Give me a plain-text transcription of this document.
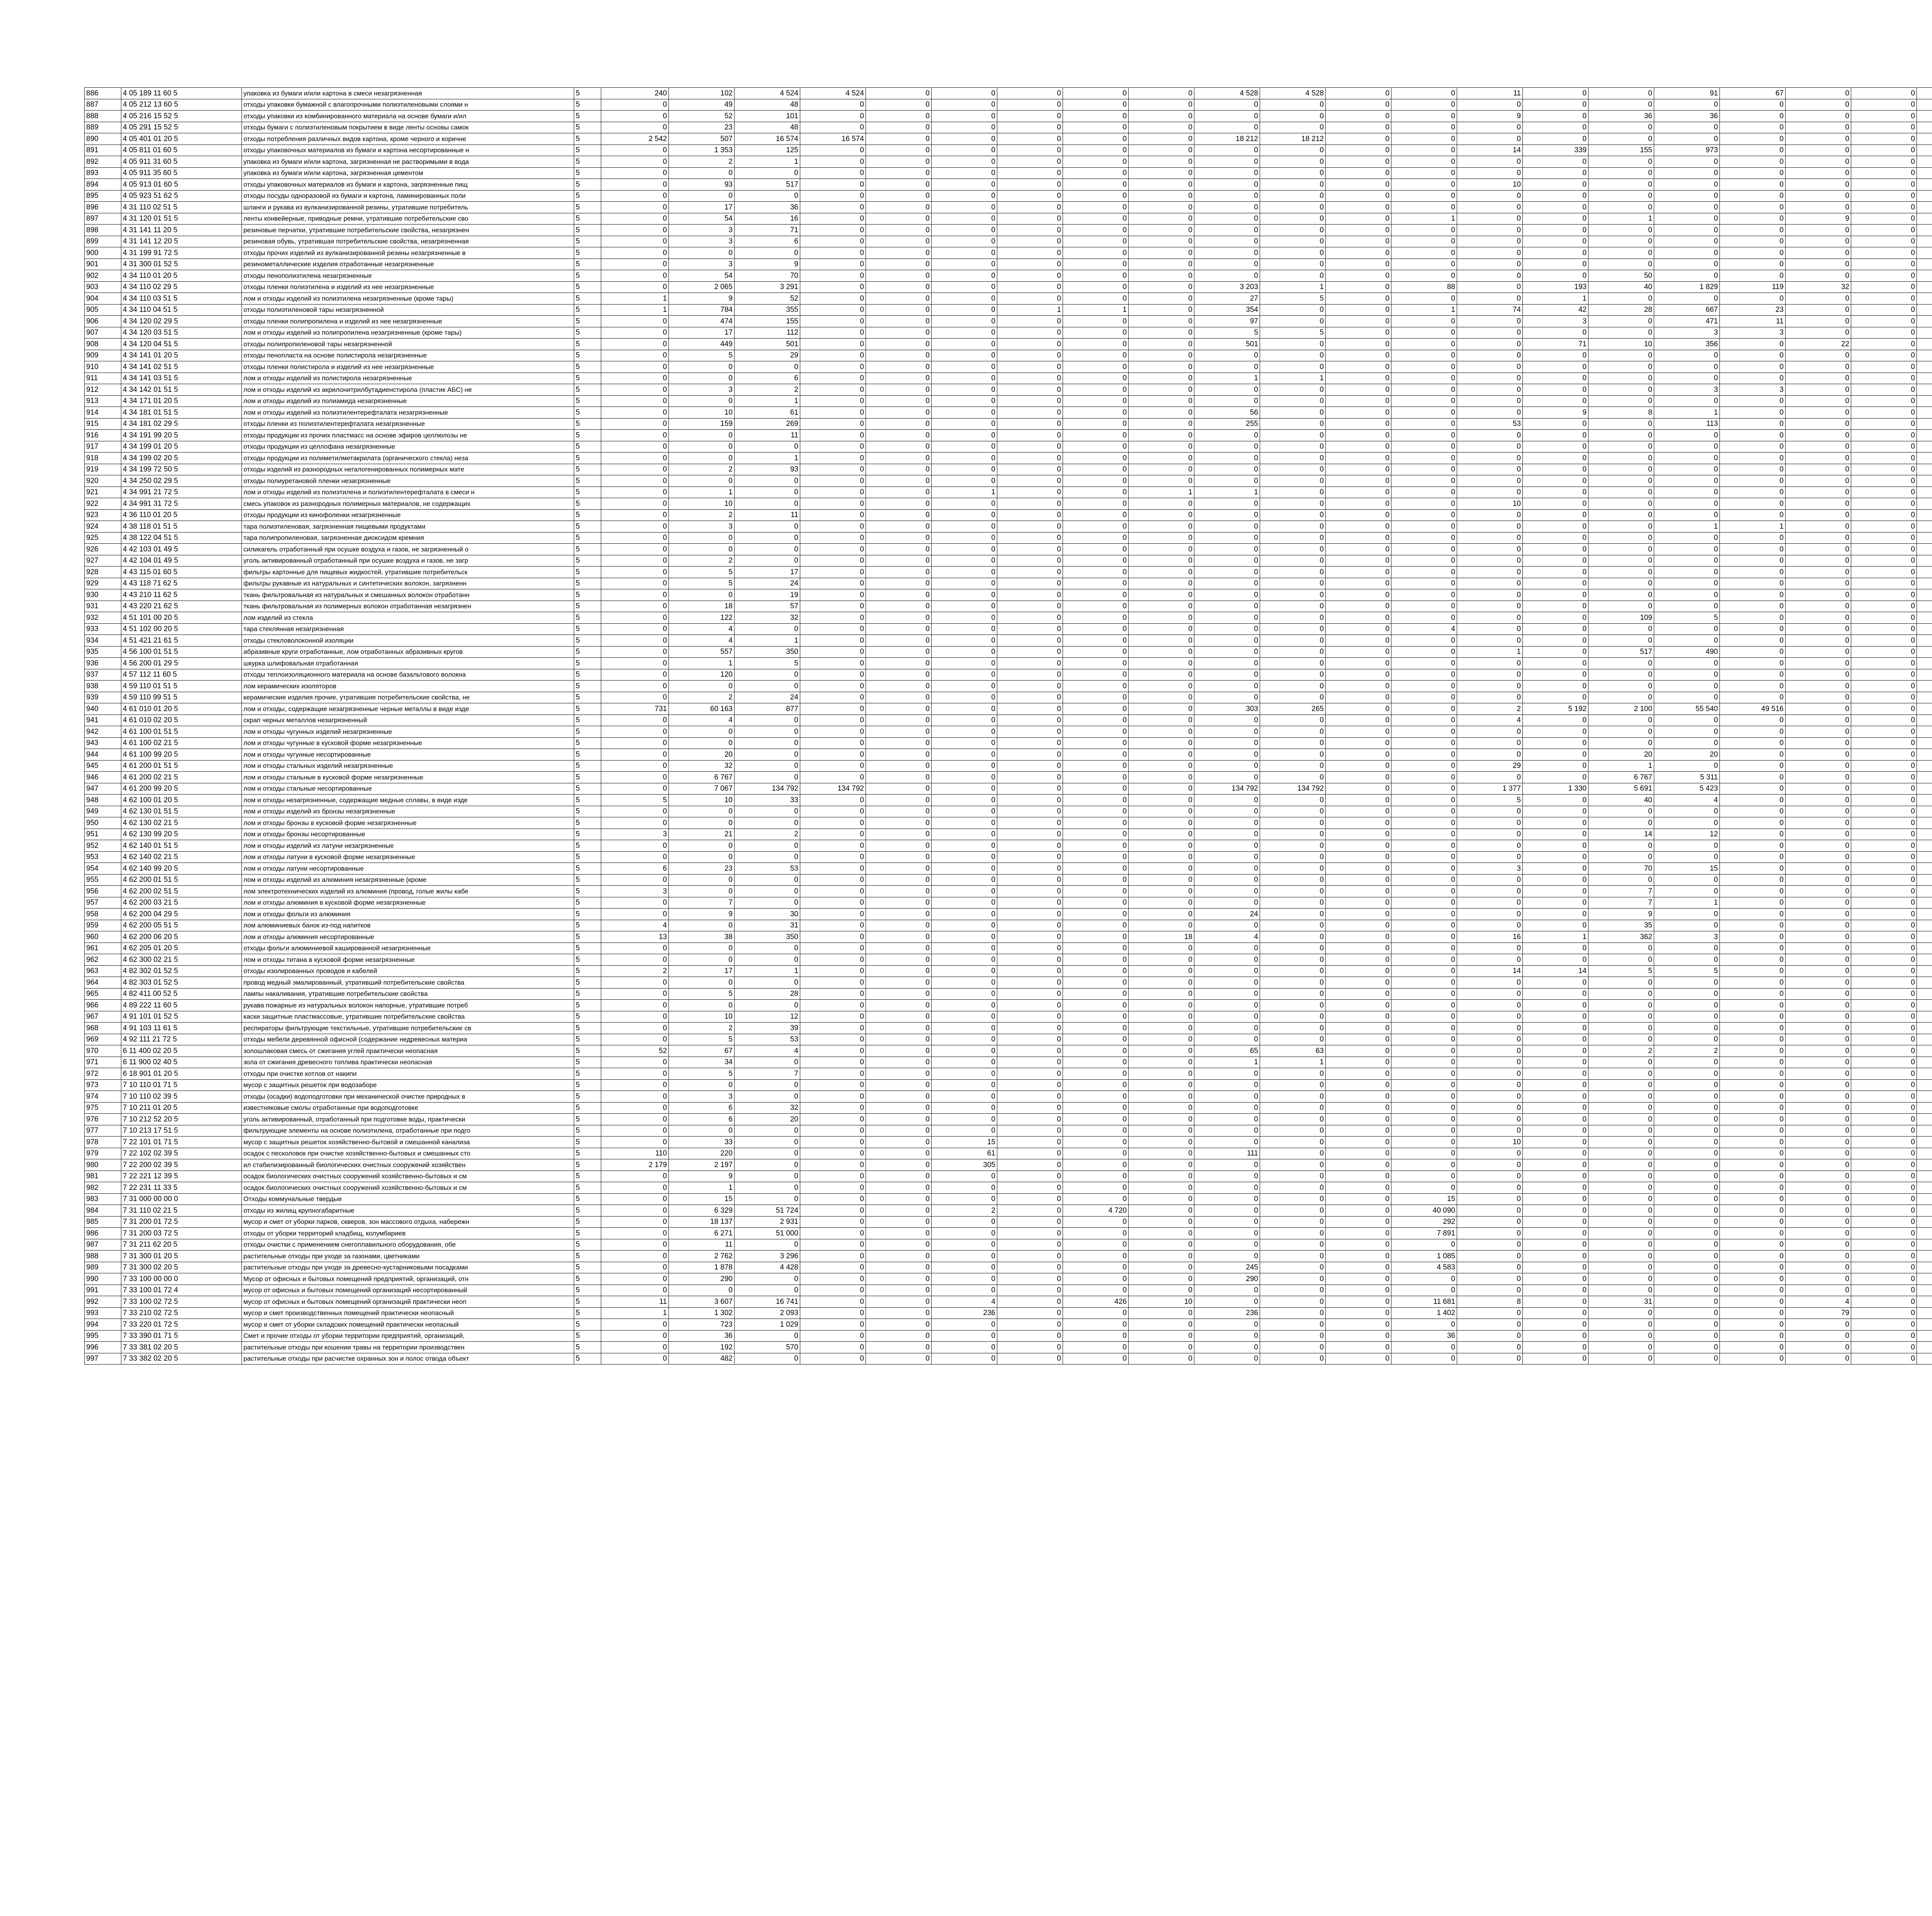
886	4 05 189 11 60 5	упаковка из бумаги и/или картона в смеси незагрязненная	5	240	102	4 524	4 524	0	0	0	0	0	4 528	4 528	0	0	11	0	0	91	67	0	0														
887	4 05 212 13 60 5	отходы упаковки бумажной с влагопрочными полиэтиленовыми слоями н	5	0	49	48	0	0	0	0	0	0	0	0	0	0	0	0	0	0	0	0	0														
888	4 05 216 15 52 5	отходы упаковки из комбинированного материала на основе бумаги и/ил	5	0	52	101	0	0	0	0	0	0	0	0	0	0	9	0	36	36	0	0	0														
889	4 05 291 15 52 5	отходы бумаги с полиэтиленовым покрытием в виде ленты основы самок	5	0	23	48	0	0	0	0	0	0	0	0	0	0	0	0	0	0	0	0	0														
890	4 05 401 01 20 5	отходы потребления различных видов картона, кроме черного и коричне	5	2 542	507	16 574	16 574	0	0	0	0	0	18 212	18 212	0	0	0	0	0	0	0	0	0														
891	4 05 811 01 60 5	отходы упаковочных материалов из бумаги и картона несортированные н	5	0	1 353	125	0	0	0	0	0	0	0	0	0	0	14	339	155	973	0	0	0														
892	4 05 911 31 60 5	упаковка из бумаги и/или картона, загрязненная не растворимыми в вода	5	0	2	1	0	0	0	0	0	0	0	0	0	0	0	0	0	0	0	0	0														
893	4 05 911 35 60 5	упаковка из бумаги и/или картона, загрязненная цементом	5	0	0	0	0	0	0	0	0	0	0	0	0	0	0	0	0	0	0	0	0														
894	4 05 913 01 60 5	отходы упаковочных материалов из бумаги и картона, загрязненные пищ	5	0	93	517	0	0	0	0	0	0	0	0	0	0	10	0	0	0	0	0	0														
895	4 05 923 51 62 5	отходы посуды одноразовой из бумаги и картона, ламинированных поли	5	0	0	0	0	0	0	0	0	0	0	0	0	0	0	0	0	0	0	0	0														
896	4 31 110 02 51 5	шланги и рукава из вулканизированной резины, утратившие потребитель	5	0	17	36	0	0	0	0	0	0	0	0	0	0	0	0	0	0	0	0	0														
897	4 31 120 01 51 5	ленты конвейерные, приводные ремни, утратившие потребительские сво	5	0	54	16	0	0	0	0	0	0	0	0	0	1	0	0	1	0	0	9	0														
898	4 31 141 11 20 5	резиновые перчатки, утратившие потребительские свойства, незагрязнен	5	0	3	71	0	0	0	0	0	0	0	0	0	0	0	0	0	0	0	0	0														
899	4 31 141 12 20 5	резиновая обувь, утратившая потребительские свойства, незагрязненная	5	0	3	6	0	0	0	0	0	0	0	0	0	0	0	0	0	0	0	0	0														
900	4 31 199 91 72 5	отходы прочих изделий из вулканизированной резины незагрязненные в	5	0	0	0	0	0	0	0	0	0	0	0	0	0	0	0	0	0	0	0	0														
901	4 31 300 01 52 5	резинометаллические изделия отработанные незагрязненные	5	0	3	9	0	0	0	0	0	0	0	0	0	0	0	0	0	0	0	0	0														
902	4 34 110 01 20 5	отходы пенополиэтилена незагрязненные	5	0	54	70	0	0	0	0	0	0	0	0	0	0	0	0	50	0	0	0	0														
903	4 34 110 02 29 5	отходы пленки полиэтилена и изделий из нее незагрязненные	5	0	2 065	3 291	0	0	0	0	0	0	3 203	1	0	88	0	193	40	1 829	119	32	0														
904	4 34 110 03 51 5	лом и отходы изделий из полиэтилена незагрязненные (кроме тары)	5	1	9	52	0	0	0	0	0	0	27	5	0	0	0	1	0	0	0	0	0														
905	4 34 110 04 51 5	отходы полиэтиленовой тары незагрязненной	5	1	784	355	0	0	0	1	1	0	354	0	0	1	74	42	28	667	23	0	0														
906	4 34 120 02 29 5	отходы пленки полипропилена и изделий из нее незагрязненные	5	0	474	155	0	0	0	0	0	0	97	0	0	0	0	3	0	471	11	0	0														
907	4 34 120 03 51 5	лом и отходы изделий из полипропилена незагрязненные (кроме тары)	5	0	17	112	0	0	0	0	0	0	5	5	0	0	0	0	0	3	3	0	0														
908	4 34 120 04 51 5	отходы полипропиленовой тары незагрязненной	5	0	449	501	0	0	0	0	0	0	501	0	0	0	0	71	10	356	0	22	0														
909	4 34 141 01 20 5	отходы пенопласта на основе полистирола незагрязненные	5	0	5	29	0	0	0	0	0	0	0	0	0	0	0	0	0	0	0	0	0														
910	4 34 141 02 51 5	отходы пленки полистирола и изделий из нее незагрязненные	5	0	0	0	0	0	0	0	0	0	0	0	0	0	0	0	0	0	0	0	0														
911	4 34 141 03 51 5	лом и отходы изделий из полистирола незагрязненные	5	0	0	6	0	0	0	0	0	0	1	1	0	0	0	0	0	0	0	0	0														
912	4 34 142 01 51 5	лом и отходы изделий из акрилонитрилбутадиенстирола (пластик АБС) не	5	0	3	2	0	0	0	0	0	0	0	0	0	0	0	0	0	3	3	0	0														
913	4 34 171 01 20 5	лом и отходы изделий из полиамида незагрязненные	5	0	0	1	0	0	0	0	0	0	0	0	0	0	0	0	0	0	0	0	0														
914	4 34 181 01 51 5	лом и отходы изделий из полиэтилентерефталата незагрязненные	5	0	10	61	0	0	0	0	0	0	56	0	0	0	0	9	8	1	0	0	0														
915	4 34 181 02 29 5	отходы пленки из полиэтилентерефталата незагрязненные	5	0	159	269	0	0	0	0	0	0	255	0	0	0	53	0	0	113	0	0	0														
916	4 34 191 99 20 5	отходы продукции из прочих пластмасс на основе эфиров целлюлозы не	5	0	0	11	0	0	0	0	0	0	0	0	0	0	0	0	0	0	0	0	0														
917	4 34 199 01 20 5	отходы продукции из целлофана незагрязненные	5	0	0	0	0	0	0	0	0	0	0	0	0	0	0	0	0	0	0	0	0														
918	4 34 199 02 20 5	отходы продукции из полиметилметакрилата (органического стекла) неза	5	0	0	1	0	0	0	0	0	0	0	0	0	0	0	0	0	0	0	0	0														
919	4 34 199 72 50 5	отходы изделий из разнородных негалогенированных полимерных мате	5	0	2	93	0	0	0	0	0	0	0	0	0	0	0	0	0	0	0	0	0														
920	4 34 250 02 29 5	отходы полиуретановой пленки незагрязненные	5	0	0	0	0	0	0	0	0	0	0	0	0	0	0	0	0	0	0	0	0														
921	4 34 991 21 72 5	лом и отходы изделий из полиэтилена и полиэтилентерефталата в смеси н	5	0	1	0	0	0	1	0	0	1	1	0	0	0	0	0	0	0	0	0	0														
922	4 34 991 31 72 5	смесь упаковок из разнородных полимерных материалов, не содержащих	5	0	10	0	0	0	0	0	0	0	0	0	0	0	10	0	0	0	0	0	0														
923	4 36 110 01 20 5	отходы продукции из кинофоленки незагрязненные	5	0	2	11	0	0	0	0	0	0	0	0	0	0	0	0	0	0	0	0	0														
924	4 38 118 01 51 5	тара полиэтиленовая, загрязненная пищевыми продуктами	5	0	3	0	0	0	0	0	0	0	0	0	0	0	0	0	0	1	1	0	0														
925	4 38 122 04 51 5	тара полипропиленовая, загрязненная диоксидом кремния	5	0	0	0	0	0	0	0	0	0	0	0	0	0	0	0	0	0	0	0	0														
926	4 42 103 01 49 5	силикагель отработанный при осушке воздуха и газов, не загрязненный о	5	0	0	0	0	0	0	0	0	0	0	0	0	0	0	0	0	0	0	0	0														
927	4 42 104 01 49 5	уголь активированный отработанный при осушке воздуха и газов, не загр	5	0	2	0	0	0	0	0	0	0	0	0	0	0	0	0	0	0	0	0	0														
928	4 43 115 01 60 5	фильтры картонные для пищевых жидкостей, утратившие потребительск	5	0	5	17	0	0	0	0	0	0	0	0	0	0	0	0	0	0	0	0	0														
929	4 43 118 71 62 5	фильтры рукавные из натуральных и синтетических волокон, загрязненн	5	0	5	24	0	0	0	0	0	0	0	0	0	0	0	0	0	0	0	0	0														
930	4 43 210 11 62 5	ткань фильтровальная из натуральных и смешанных волокон отработанн	5	0	0	19	0	0	0	0	0	0	0	0	0	0	0	0	0	0	0	0	0														
931	4 43 220 21 62 5	ткань фильтровальная из полимерных волокон отработанная незагрязнен	5	0	18	57	0	0	0	0	0	0	0	0	0	0	0	0	0	0	0	0	0														
932	4 51 101 00 20 5	лом изделий из стекла	5	0	122	32	0	0	0	0	0	0	0	0	0	0	0	0	109	5	0	0	0														
933	4 51 102 00 20 5	тара стеклянная незагрязненная	5	0	4	0	0	0	0	0	0	0	0	0	0	4	0	0	0	0	0	0	0														
934	4 51 421 21 61 5	отходы стекловолоконной изоляции	5	0	4	1	0	0	0	0	0	0	0	0	0	0	0	0	0	0	0	0	0														
935	4 56 100 01 51 5	абразивные круги отработанные, лом отработанных абразивных кругов	5	0	557	350	0	0	0	0	0	0	0	0	0	0	1	0	517	490	0	0	0														
936	4 56 200 01 29 5	шкурка шлифовальная отработанная	5	0	1	5	0	0	0	0	0	0	0	0	0	0	0	0	0	0	0	0	0														
937	4 57 112 11 60 5	отходы теплоизоляционного материала на основе базальтового волокна	5	0	120	0	0	0	0	0	0	0	0	0	0	0	0	0	0	0	0	0	0														
938	4 59 110 01 51 5	лом керамических изоляторов	5	0	0	0	0	0	0	0	0	0	0	0	0	0	0	0	0	0	0	0	0														
939	4 59 110 99 51 5	керамические изделия прочие, утратившие потребительские свойства, не	5	0	2	24	0	0	0	0	0	0	0	0	0	0	0	0	0	0	0	0	0														
940	4 61 010 01 20 5	лом и отходы, содержащие незагрязненные черные металлы в виде изде	5	731	60 163	877	0	0	0	0	0	0	303	265	0	0	2	5 192	2 100	55 540	49 516	0	0														
941	4 61 010 02 20 5	скрап черных металлов незагрязненный	5	0	4	0	0	0	0	0	0	0	0	0	0	0	4	0	0	0	0	0	0														
942	4 61 100 01 51 5	лом и отходы чугунных изделий незагрязненные	5	0	0	0	0	0	0	0	0	0	0	0	0	0	0	0	0	0	0	0	0														
943	4 61 100 02 21 5	лом и отходы чугунные в кусковой форме незагрязненные	5	0	0	0	0	0	0	0	0	0	0	0	0	0	0	0	0	0	0	0	0														
944	4 61 100 99 20 5	лом и отходы чугунные несортированные	5	0	20	0	0	0	0	0	0	0	0	0	0	0	0	0	20	20	0	0	0														
945	4 61 200 01 51 5	лом и отходы стальных изделий незагрязненные	5	0	32	0	0	0	0	0	0	0	0	0	0	0	29	0	1	0	0	0	0														
946	4 61 200 02 21 5	лом и отходы стальные в кусковой форме незагрязненные	5	0	6 767	0	0	0	0	0	0	0	0	0	0	0	0	0	6 767	5 311	0	0	0														
947	4 61 200 99 20 5	лом и отходы стальные несортированные	5	0	7 067	134 792	134 792	0	0	0	0	0	134 792	134 792	0	0	1 377	1 330	5 691	5 423	0	0	0														
948	4 62 100 01 20 5	лом и отходы незагрязненные, содержащие медные сплавы, в виде изде	5	5	10	33	0	0	0	0	0	0	0	0	0	0	5	0	40	4	0	0	0														
949	4 62 130 01 51 5	лом и отходы изделий из бронзы незагрязненные	5	0	0	0	0	0	0	0	0	0	0	0	0	0	0	0	0	0	0	0	0														
950	4 62 130 02 21 5	лом и отходы бронзы в кусковой форме незагрязненные	5	0	0	0	0	0	0	0	0	0	0	0	0	0	0	0	0	0	0	0	0														
951	4 62 130 99 20 5	лом и отходы бронзы несортированные	5	3	21	2	0	0	0	0	0	0	0	0	0	0	0	0	14	12	0	0	0														
952	4 62 140 01 51 5	лом и отходы изделий из латуни незагрязненные	5	0	0	0	0	0	0	0	0	0	0	0	0	0	0	0	0	0	0	0	0														
953	4 62 140 02 21 5	лом и отходы латуни в кусковой форме незагрязненные	5	0	0	0	0	0	0	0	0	0	0	0	0	0	0	0	0	0	0	0	0														
954	4 62 140 99 20 5	лом и отходы латуни несортированные	5	6	23	53	0	0	0	0	0	0	0	0	0	0	3	0	70	15	0	0	0														
955	4 62 200 01 51 5	лом и отходы изделий из алюминия незагрязненные (кроме	5	0	0	0	0	0	0	0	0	0	0	0	0	0	0	0	0	0	0	0	0														
956	4 62 200 02 51 5	лом электротехнических изделий из алюминия (провод, голые жилы кабе	5	3	0	0	0	0	0	0	0	0	0	0	0	0	0	0	7	0	0	0	0														
957	4 62 200 03 21 5	лом и отходы алюминия в кусковой форме незагрязненные	5	0	7	0	0	0	0	0	0	0	0	0	0	0	0	0	7	1	0	0	0														
958	4 62 200 04 29 5	лом и отходы фольги из алюминия	5	0	9	30	0	0	0	0	0	0	24	0	0	0	0	0	9	0	0	0	0														
959	4 62 200 05 51 5	лом алюминиевых банок из-под напитков	5	4	0	31	0	0	0	0	0	0	0	0	0	0	0	0	35	0	0	0	0														
960	4 62 200 06 20 5	лом и отходы алюминия несортированные	5	13	38	350	0	0	0	0	0	18	4	0	0	0	16	1	362	3	0	0	0														
961	4 62 205 01 20 5	отходы фольги алюминиевой кашированной незагрязненные	5	0	0	0	0	0	0	0	0	0	0	0	0	0	0	0	0	0	0	0	0														
962	4 62 300 02 21 5	лом и отходы титана в кусковой форме незагрязненные	5	0	0	0	0	0	0	0	0	0	0	0	0	0	0	0	0	0	0	0	0														
963	4 82 302 01 52 5	отходы изолированных проводов и кабелей	5	2	17	1	0	0	0	0	0	0	0	0	0	0	14	14	5	5	0	0	0														
964	4 82 303 01 52 5	провод медный эмалированный, утративший потребительские свойства	5	0	0	0	0	0	0	0	0	0	0	0	0	0	0	0	0	0	0	0	0														
965	4 82 411 00 52 5	лампы накаливания, утратившие потребительские свойства	5	0	5	28	0	0	0	0	0	0	0	0	0	0	0	0	0	0	0	0	0														
966	4 89 222 11 60 5	рукава пожарные из натуральных волокон напорные, утратившие потреб	5	0	0	0	0	0	0	0	0	0	0	0	0	0	0	0	0	0	0	0	0														
967	4 91 101 01 52 5	каски защитные пластмассовые, утратившие потребительские свойства	5	0	10	12	0	0	0	0	0	0	0	0	0	0	0	0	0	0	0	0	0														
968	4 91 103 11 61 5	респираторы фильтрующие текстильные, утратившие потребительские св	5	0	2	39	0	0	0	0	0	0	0	0	0	0	0	0	0	0	0	0	0														
969	4 92 111 21 72 5	отходы мебели деревянной офисной (содержание недревесных материа	5	0	5	53	0	0	0	0	0	0	0	0	0	0	0	0	0	0	0	0	0														
970	6 11 400 02 20 5	золошлаковая смесь от сжигания углей практически неопасная	5	52	67	4	0	0	0	0	0	0	65	63	0	0	0	0	2	2	0	0	0														
971	6 11 900 02 40 5	зола от сжигания древесного топлива практически неопасная	5	0	34	0	0	0	0	0	0	0	1	1	0	0	0	0	0	0	0	0	0														
972	6 18 901 01 20 5	отходы при очистке котлов от накипи	5	0	5	7	0	0	0	0	0	0	0	0	0	0	0	0	0	0	0	0	0														
973	7 10 110 01 71 5	мусор с защитных решеток при водозаборе	5	0	0	0	0	0	0	0	0	0	0	0	0	0	0	0	0	0	0	0	0														
974	7 10 110 02 39 5	отходы (осадки) водоподготовки при механической очистке природных в	5	0	3	0	0	0	0	0	0	0	0	0	0	0	0	0	0	0	0	0	0														
975	7 10 211 01 20 5	известняковые смолы отработанные при водоподготовке	5	0	6	32	0	0	0	0	0	0	0	0	0	0	0	0	0	0	0	0	0														
976	7 10 212 52 20 5	уголь активированный, отработанный при подготовке воды, практически	5	0	6	20	0	0	0	0	0	0	0	0	0	0	0	0	0	0	0	0	0														
977	7 10 213 17 51 5	фильтрующие элементы на основе полиэтилена, отработанные при подго	5	0	0	0	0	0	0	0	0	0	0	0	0	0	0	0	0	0	0	0	0														
978	7 22 101 01 71 5	мусор с защитных решеток хозяйственно-бытовой и смешанной канализа	5	0	33	0	0	0	15	0	0	0	0	0	0	0	10	0	0	0	0	0	0														
979	7 22 102 02 39 5	осадок с песколовок при очистке хозяйственно-бытовых и смешанных сто	5	110	220	0	0	0	61	0	0	0	111	0	0	0	0	0	0	0	0	0	0														
980	7 22 200 02 39 5	ил стабилизированный биологических очистных сооружений хозяйствен	5	2 179	2 197	0	0	0	305	0	0	0	0	0	0	0	0	0	0	0	0	0	0														
981	7 22 221 12 39 5	осадок биологических очистных сооружений хозяйственно-бытовых и см	5	0	9	0	0	0	0	0	0	0	0	0	0	0	0	0	0	0	0	0	0														
982	7 22 231 11 33 5	осадок биологических очистных сооружений хозяйственно-бытовых и см	5	0	1	0	0	0	0	0	0	0	0	0	0	0	0	0	0	0	0	0	0														
983	7 31 000 00 00 0	Отходы коммунальные твердые	5	0	15	0	0	0	0	0	0	0	0	0	0	15	0	0	0	0	0	0	0														
984	7 31 110 02 21 5	отходы из жилищ крупногабаритные	5	0	6 329	51 724	0	0	2	0	4 720	0	0	0	0	40 090	0	0	0	0	0	0	0														
985	7 31 200 01 72 5	мусор и смет от уборки парков, скверов, зон массового отдыха, набережн	5	0	18 137	2 931	0	0	0	0	0	0	0	0	0	292	0	0	0	0	0	0	0														
986	7 31 200 03 72 5	отходы от уборки территорий кладбищ, колумбариев	5	0	6 271	51 000	0	0	0	0	0	0	0	0	0	7 891	0	0	0	0	0	0	0														
987	7 31 211 62 20 5	отходы очистки с применением снегоплавильного оборудования, обе	5	0	11	0	0	0	0	0	0	0	0	0	0	0	0	0	0	0	0	0	0														
988	7 31 300 01 20 5	растительные отходы при уходе за газонами, цветниками	5	0	2 762	3 296	0	0	0	0	0	0	0	0	0	1 085	0	0	0	0	0	0	0														
989	7 31 300 02 20 5	растительные отходы при уходе за древесно-кустарниковыми посадками	5	0	1 878	4 428	0	0	0	0	0	0	245	0	0	4 583	0	0	0	0	0	0	0														
990	7 33 100 00 00 0	Мусор от офисных и бытовых помещений предприятий, организаций, отн	5	0	290	0	0	0	0	0	0	0	290	0	0	0	0	0	0	0	0	0	0														
991	7 33 100 01 72 4	мусор от офисных и бытовых помещений организаций несортированный	5	0	0	0	0	0	0	0	0	0	0	0	0	0	0	0	0	0	0	0	0														
992	7 33 100 02 72 5	мусор от офисных и бытовых помещений организаций практически неоп	5	11	3 607	16 741	0	0	4	0	426	10	0	0	0	11 681	8	0	31	0	0	4	0														
993	7 33 210 02 72 5	мусор и смет производственных помещений практически неопасный	5	1	1 302	2 093	0	0	236	0	0	0	236	0	0	1 402	0	0	0	0	0	79	0														
994	7 33 220 01 72 5	мусор и смет от уборки складских помещений практически неопасный	5	0	723	1 029	0	0	0	0	0	0	0	0	0	0	0	0	0	0	0	0	0														
995	7 33 390 01 71 5	Смет и прочие отходы от уборки территории предприятий, организаций,	5	0	36	0	0	0	0	0	0	0	0	0	0	36	0	0	0	0	0	0	0														
996	7 33 381 02 20 5	растительные отходы при кошении травы на территории производствен	5	0	192	570	0	0	0	0	0	0	0	0	0	0	0	0	0	0	0	0	0														
997	7 33 382 02 20 5	растительные отходы при расчистке охранных зон и полос отвода объект	5	0	482	0	0	0	0	0	0	0	0	0	0	0	0	0	0	0	0	0	0														
